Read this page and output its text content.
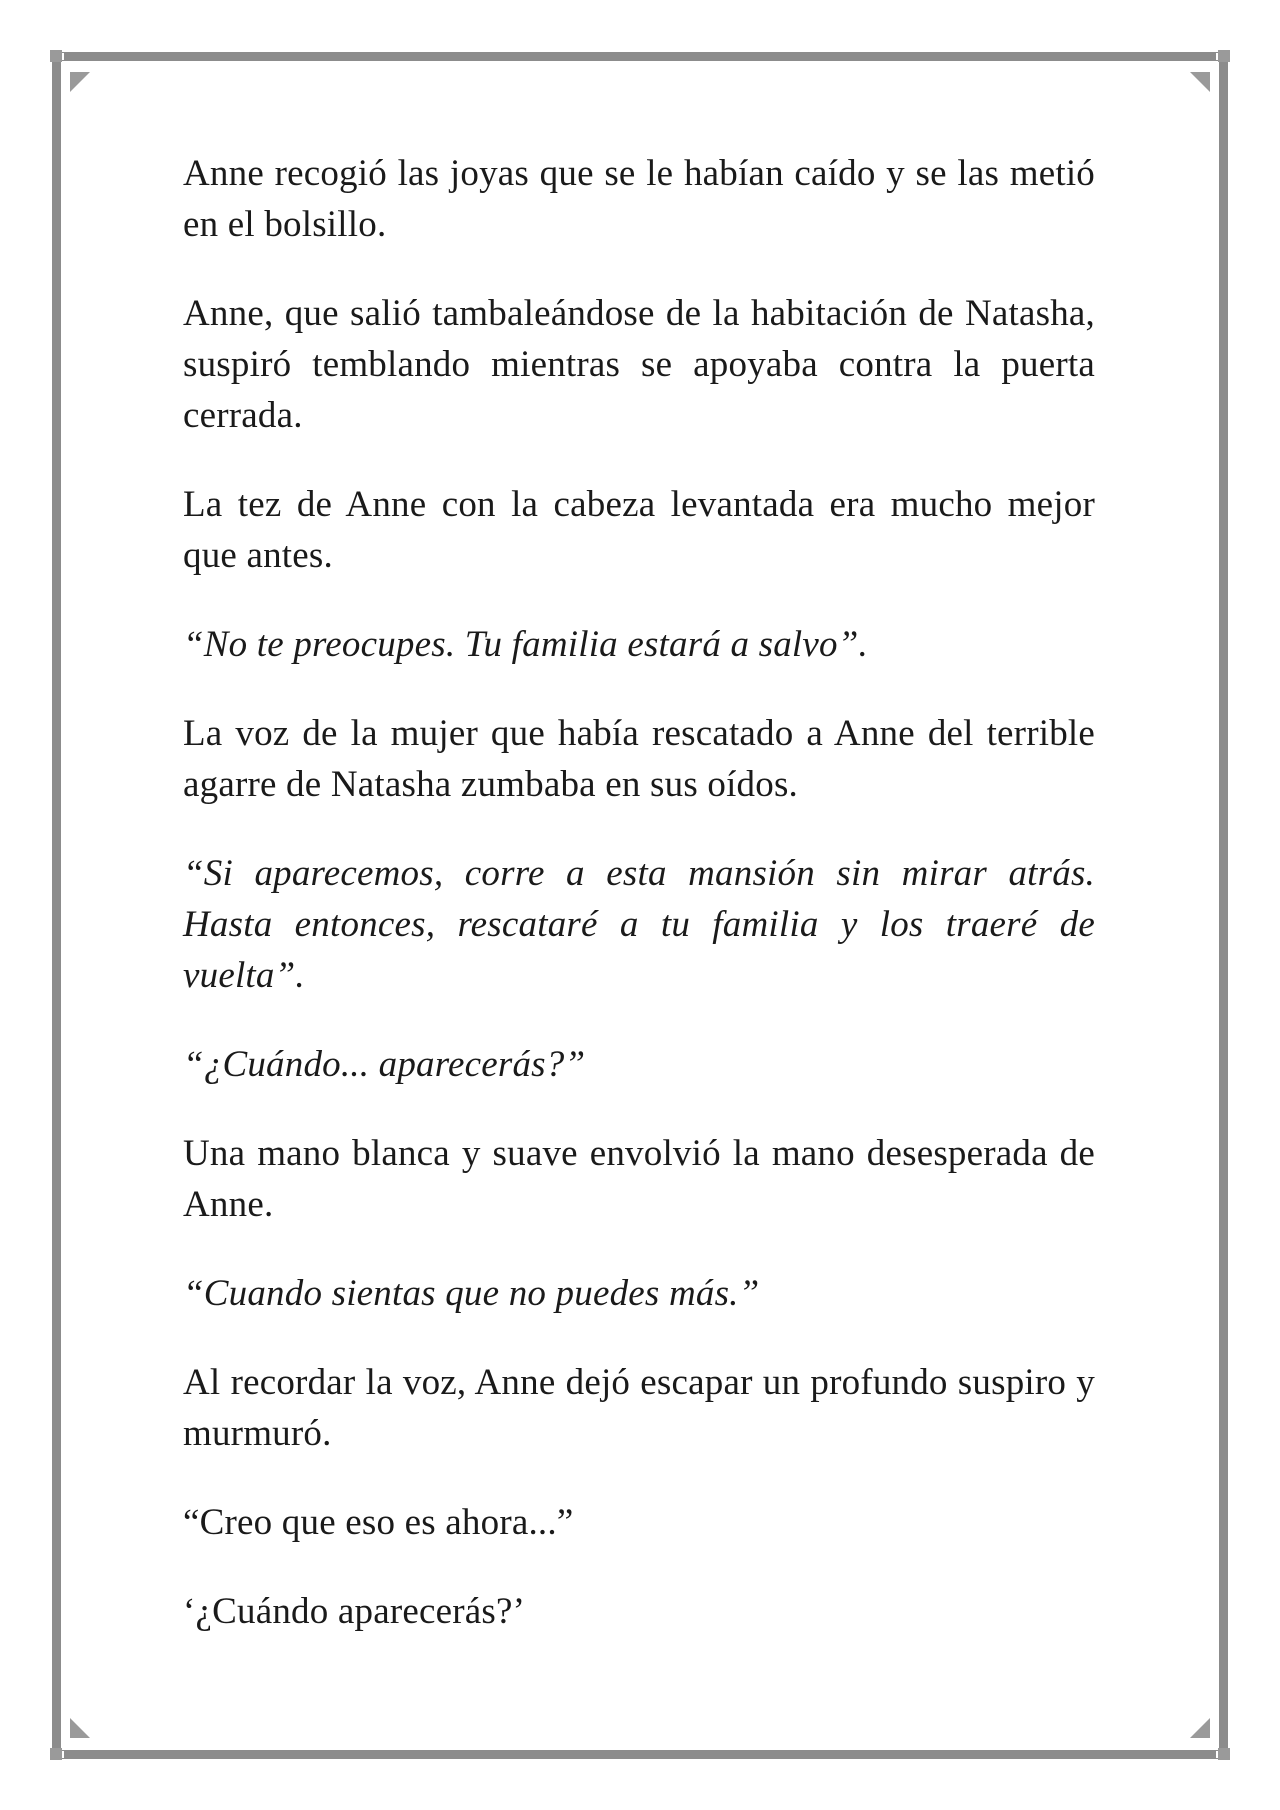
Anne recogió las joyas que se le habían caído y se las metió en el bolsillo.

Anne, que salió tambaleándose de la habitación de Natasha, suspiró temblando mientras se apoyaba contra la puerta cerrada.

La tez de Anne con la cabeza levantada era mucho mejor que antes.

“No te preocupes. Tu familia estará a salvo”.

La voz de la mujer que había rescatado a Anne del terrible agarre de Natasha zumbaba en sus oídos.

“Si aparecemos, corre a esta mansión sin mirar atrás. Hasta entonces, rescataré a tu familia y los traeré de vuelta”.

“¿Cuándo... aparecerás?”

Una mano blanca y suave envolvió la mano desesperada de Anne.

“Cuando sientas que no puedes más.”

Al recordar la voz, Anne dejó escapar un profundo suspiro y murmuró.

“Creo que eso es ahora...”

‘¿Cuándo aparecerás?’
